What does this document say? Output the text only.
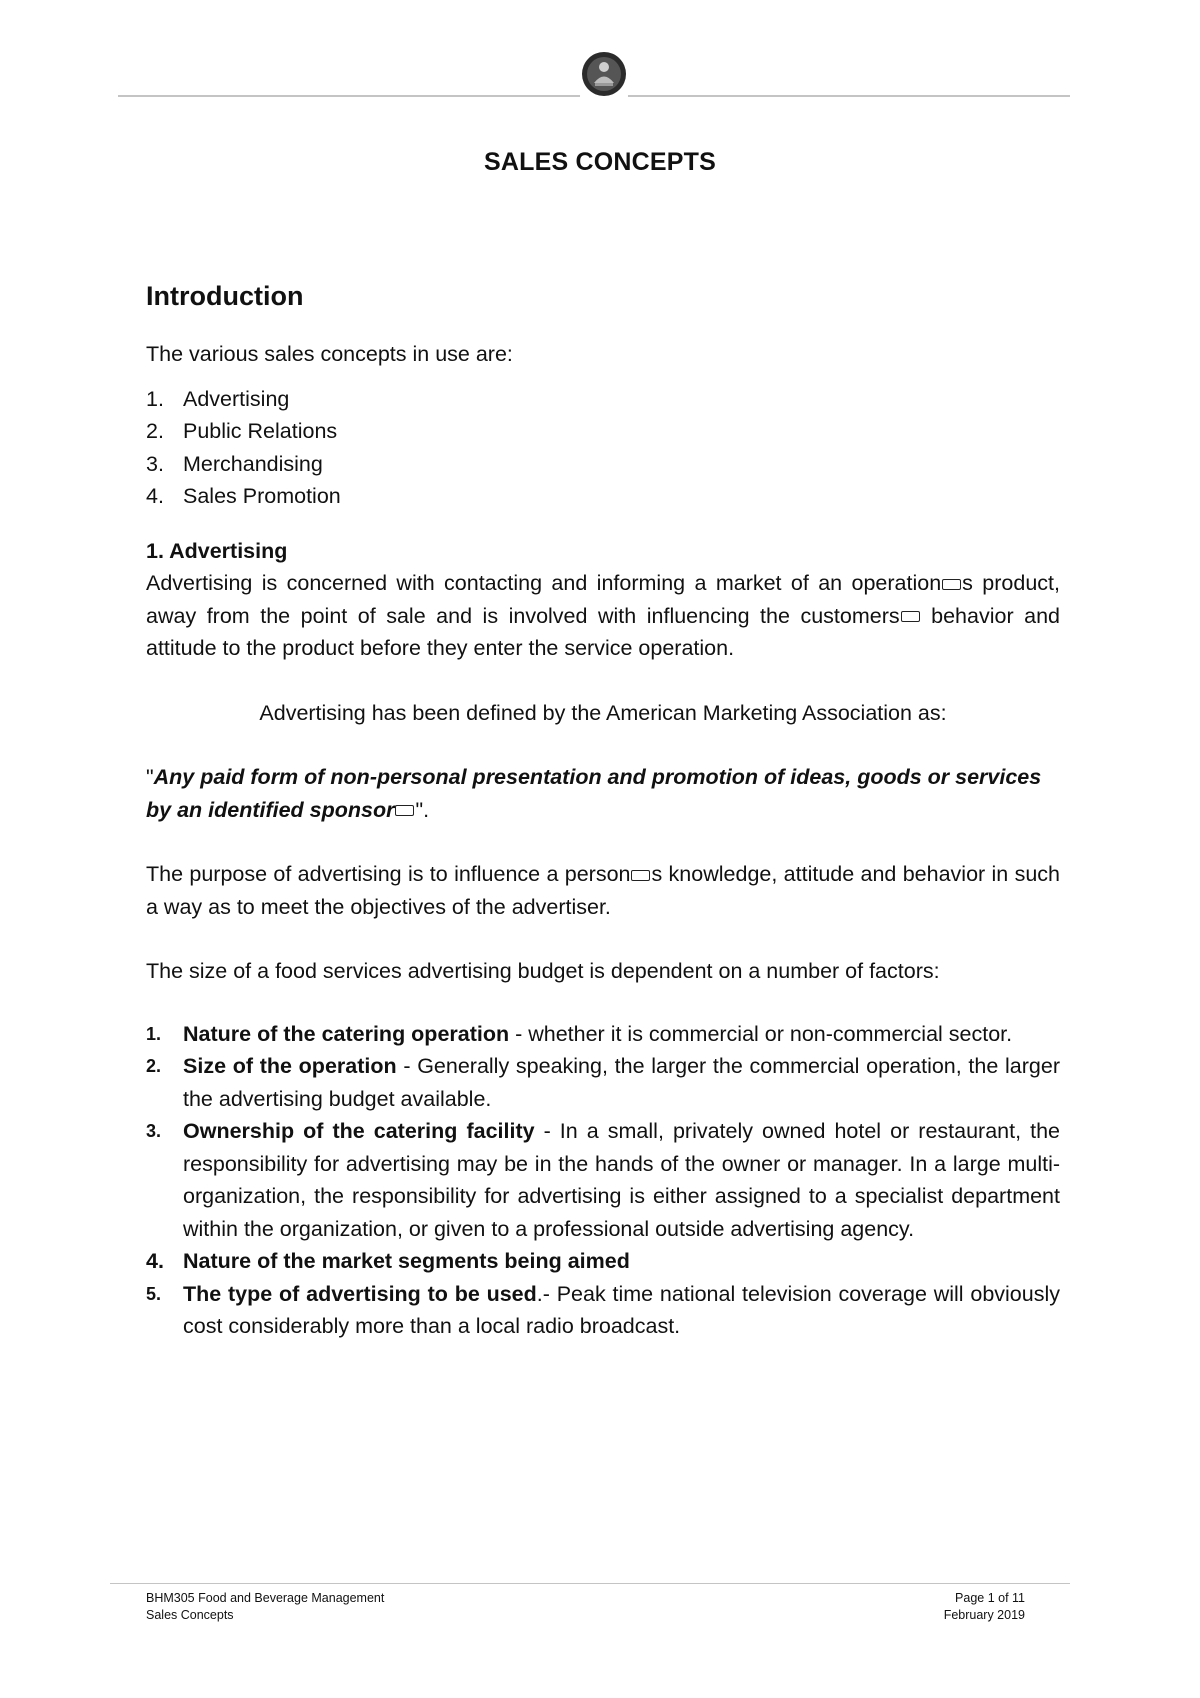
SALES CONCEPTS

Introduction

The various sales concepts in use are:

1. Advertising
2. Public Relations
3. Merchandising
4. Sales Promotion

1. Advertising

Advertising is concerned with contacting and informing a market of an operation s product, away from the point of sale and is involved with influencing the customers behavior and attitude to the product before they enter the service operation.

Advertising has been defined by the American Marketing Association as:

"Any paid form of non-personal presentation and promotion of ideas, goods or services by an identified sponsor ".

The purpose of advertising is to influence a person s knowledge, attitude and behavior in such a way as to meet the objectives of the advertiser.

The size of a food services advertising budget is dependent on a number of factors:

1. Nature of the catering operation - whether it is commercial or non-commercial sector.
2. Size of the operation - Generally speaking, the larger the commercial operation, the larger the advertising budget available.
3. Ownership of the catering facility - In a small, privately owned hotel or restaurant, the responsibility for advertising may be in the hands of the owner or manager. In a large multi-organization, the responsibility for advertising is either assigned to a specialist department within the organization, or given to a professional outside advertising agency.
4. Nature of the market segments being aimed
5. The type of advertising to be used.- Peak time national television coverage will obviously cost considerably more than a local radio broadcast.
BHM305 Food and Beverage Management
Sales Concepts
Page 1 of 11
February 2019
